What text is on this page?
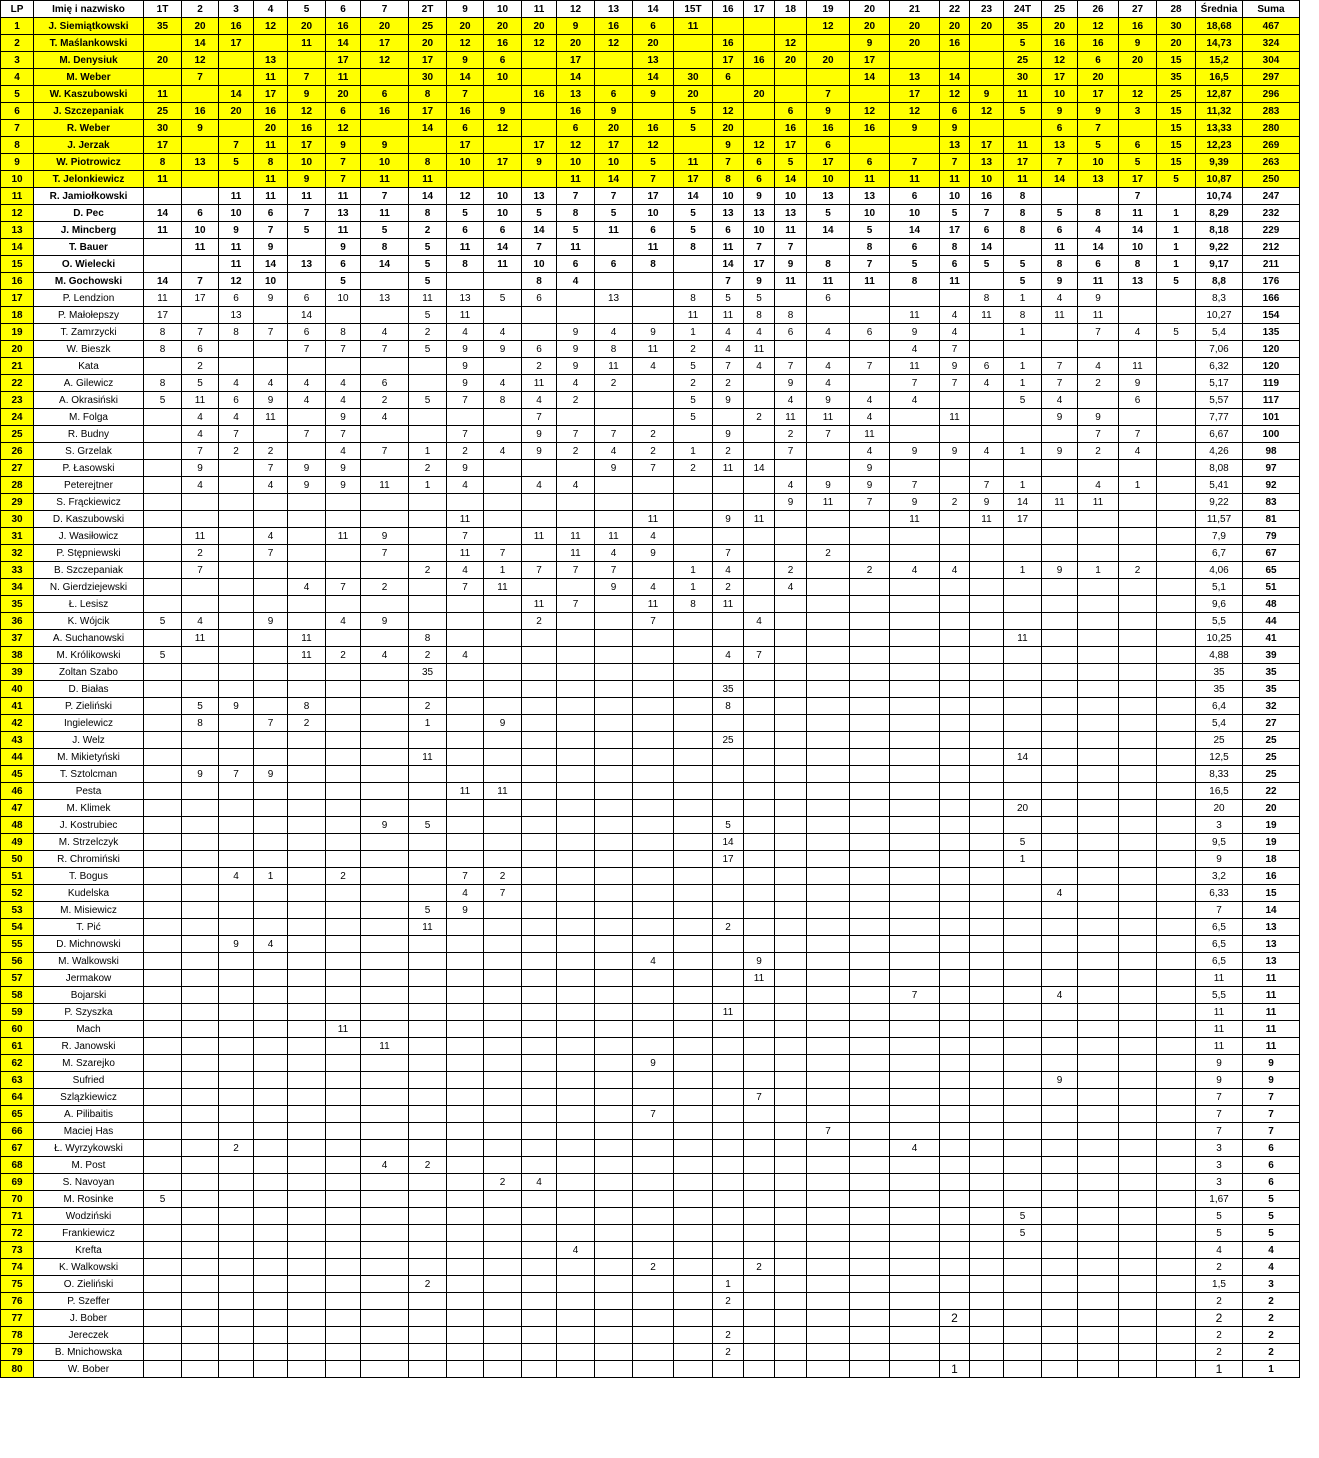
LP	Imię i nazwisko	1T	2	3	4	5	6	7	2T	9	10	11	12	13	14	15T	16	17	18	19	20	21	22	23	24T	25	26	27	28	Średnia	Suma
1	J. Siemiątkowski	35	20	16	12	20	16	20	25	20	20	20	9	16	6	11				12	20	20	20	20	35	20	12	16	30	18,68	467
2	T. Maślankowski		14	17		11	14	17	20	12	16	12	20	12	20		16		12		9	20	16		5	16	16	9	20	14,73	324
3	M. Denysiuk	20	12		13		17	12	17	9	6		17		13		17	16	20	20	17				25	12	6	20	15	15,2	304
4	M. Weber		7		11	7	11		30	14	10		14		14	30	6				14	13	14		30	17	20		35	16,5	297
5	W. Kaszubowski	11		14	17	9	20	6	8	7		16	13	6	9	20		20		7		17	12	9	11	10	17	12	25	12,87	296
6	J. Szczepaniak	25	16	20	16	12	6	16	17	16	9		16	9		5	12		6	9	12	12	6	12	5	9	9	3	15	11,32	283
7	R. Weber	30	9		20	16	12		14	6	12		6	20	16	5	20		16	16	16	9	9			6	7		15	13,33	280
8	J. Jerzak	17		7	11	17	9	9		17		17	12	17	12		9	12	17	6			13	17	11	13	5	6	15	12,23	269
9	W. Piotrowicz	8	13	5	8	10	7	10	8	10	17	9	10	10	5	11	7	6	5	17	6	7	7	13	17	7	10	5	15	9,39	263
10	T. Jelonkiewicz	11			11	9	7	11	11				11	14	7	17	8	6	14	10	11	11	11	10	11	14	13	17	5	10,87	250
11	R. Jamiołkowski			11	11	11	11	7	14	12	10	13	7	7	17	14	10	9	10	13	13	6	10	16	8			7		10,74	247
12	D. Pec	14	6	10	6	7	13	11	8	5	10	5	8	5	10	5	13	13	13	5	10	10	5	7	8	5	8	11	1	8,29	232
13	J. Mincberg	11	10	9	7	5	11	5	2	6	6	14	5	11	6	5	6	10	11	14	5	14	17	6	8	6	4	14	1	8,18	229
14	T. Bauer		11	11	9		9	8	5	11	14	7	11		11	8	11	7	7		8	6	8	14		11	14	10	1	9,22	212
15	O. Wielecki			11	14	13	6	14	5	8	11	10	6	6	8		14	17	9	8	7	5	6	5	5	8	6	8	1	9,17	211
16	M. Gochowski	14	7	12	10		5		5			8	4				7	9	11	11	11	8	11		5	9	11	13	5	8,8	176
17	P. Lendzion	11	17	6	9	6	10	13	11	13	5	6		13		8	5	5		6				8	1	4	9			8,3	166
18	P. Małołepszy	17		13		14			5	11						11	11	8	8			11	4	11	8	11	11			10,27	154
19	T. Zamrzycki	8	7	8	7	6	8	4	2	4	4		9	4	9	1	4	4	6	4	6	9	4		1		7	4	5	5,4	135
20	W. Bieszk	8	6			7	7	7	5	9	9	6	9	8	11	2	4	11				4	7							7,06	120
21	Kata		2							9		2	9	11	4	5	7	4	7	4	7	11	9	6	1	7	4	11		6,32	120
22	A. Gilewicz	8	5	4	4	4	4	6		9	4	11	4	2		2	2		9	4		7	7	4	1	7	2	9		5,17	119
23	A. Okrasiński	5	11	6	9	4	4	2	5	7	8	4	2			5	9		4	9	4	4			5	4		6		5,57	117
24	M. Folga		4	4	11		9	4				7				5		2	11	11	4		11			9	9			7,77	101
25	R. Budny		4	7		7	7			7		9	7	7	2		9		2	7	11						7	7		6,67	100
26	S. Grzelak		7	2	2		4	7	1	2	4	9	2	4	2	1	2		7		4	9	9	4	1	9	2	4		4,26	98
27	P. Łasowski		9		7	9	9		2	9				9	7	2	11	14			9									8,08	97
28	Peterejtner		4		4	9	9	11	1	4		4	4						4	9	9	7		7	1		4	1		5,41	92
29	S. Frąckiewicz																		9	11	7	9	2	9	14	11	11			9,22	83
30	D. Kaszubowski									11					11		9	11				11		11	17					11,57	81
31	J. Wasiłowicz		11		4		11	9		7		11	11	11	4															7,9	79
32	P. Stępniewski		2		7			7		11	7		11	4	9		7			2										6,7	67
33	B. Szczepaniak		7						2	4	1	7	7	7		1	4		2		2	4	4		1	9	1	2		4,06	65
34	N. Gierdziejewski					4	7	2		7	11			9	4	1	2		4											5,1	51
35	Ł. Lesisz											11	7		11	8	11													9,6	48
36	K. Wójcik	5	4		9		4	9				2			7			4												5,5	44
37	A. Suchanowski		11			11			8																11					10,25	41
38	M. Królikowski	5				11	2	4	2	4							4	7												4,88	39
39	Zoltan Szabo								35																					35	35
40	D. Białas																35													35	35
41	P. Zieliński		5	9		8			2								8													6,4	32
42	Ingielewicz		8		7	2			1		9																			5,4	27
43	J. Welz																25													25	25
44	M. Mikietyński								11																14					12,5	25
45	T. Sztolcman		9	7	9																									8,33	25
46	Pesta									11	11																			16,5	22
47	M. Klimek																								20					20	20
48	J. Kostrubiec							9	5								5													3	19
49	M. Strzelczyk																14								5					9,5	19
50	R. Chromiński																17								1					9	18
51	T. Bogus			4	1		2			7	2																			3,2	16
52	Kudelska									4	7															4				6,33	15
53	M. Misiewicz								5	9																				7	14
54	T. Pić								11								2													6,5	13
55	D. Michnowski			9	4																									6,5	13
56	M. Walkowski														4			9												6,5	13
57	Jermakow																	11												11	11
58	Bojarski																					7				4				5,5	11
59	P. Szyszka																11													11	11
60	Mach						11																							11	11
61	R. Janowski							11																						11	11
62	M. Szarejko														9															9	9
63	Sufried																									9				9	9
64	Szlązkiewicz																	7												7	7
65	A. Pilibaitis														7															7	7
66	Maciej Has																			7										7	7
67	Ł. Wyrzykowski			2																		4								3	6
68	M. Post							4	2																					3	6
69	S. Navoyan										2	4																		3	6
70	M. Rosinke	5																												1,67	5
71	Wodziński																								5					5	5
72	Frankiewicz																								5					5	5
73	Krefta												4																	4	4
74	K. Walkowski														2			2												2	4
75	O. Zieliński								2								1													1,5	3
76	P. Szeffer																2													2	2
77	J. Bober																						2							2	2
78	Jereczek																2													2	2
79	B. Mnichowska																2													2	2
80	W. Bober																						1							1	1
